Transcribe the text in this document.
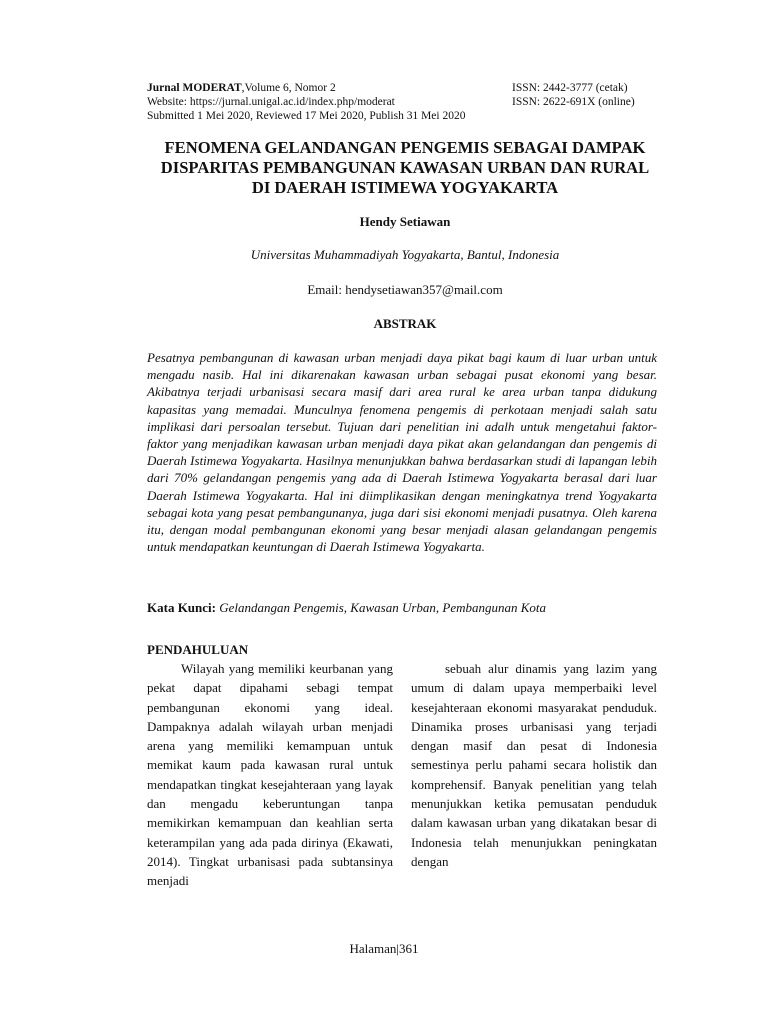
Jurnal MODERAT,Volume 6, Nomor 2	ISSN: 2442-3777 (cetak)
Website: https://jurnal.unigal.ac.id/index.php/moderat	ISSN: 2622-691X (online)
Submitted 1 Mei 2020, Reviewed 17 Mei 2020, Publish 31 Mei 2020
FENOMENA GELANDANGAN PENGEMIS SEBAGAI DAMPAK DISPARITAS PEMBANGUNAN KAWASAN URBAN DAN RURAL DI DAERAH ISTIMEWA YOGYAKARTA
Hendy Setiawan
Universitas Muhammadiyah Yogyakarta, Bantul, Indonesia
Email: hendysetiawan357@mail.com
ABSTRAK
Pesatnya pembangunan di kawasan urban menjadi daya pikat bagi kaum di luar urban untuk mengadu nasib. Hal ini dikarenakan kawasan urban sebagai pusat ekonomi yang besar. Akibatnya terjadi urbanisasi secara masif dari area rural ke area urban tanpa didukung kapasitas yang memadai. Munculnya fenomena pengemis di perkotaan menjadi salah satu implikasi dari persoalan tersebut. Tujuan dari penelitian ini adalh untuk mengetahui faktor-faktor yang menjadikan kawasan urban menjadi daya pikat akan gelandangan dan pengemis di Daerah Istimewa Yogyakarta. Hasilnya menunjukkan bahwa berdasarkan studi di lapangan lebih dari 70% gelandangan pengemis yang ada di Daerah Istimewa Yogyakarta berasal dari luar Daerah Istimewa Yogyakarta. Hal ini diimplikasikan dengan meningkatnya trend Yogyakarta sebagai kota yang pesat pembangunanya, juga dari sisi ekonomi menjadi pusatnya. Oleh karena itu, dengan modal pembangunan ekonomi yang besar menjadi alasan gelandangan pengemis untuk mendapatkan keuntungan di Daerah Istimewa Yogyakarta.
Kata Kunci: Gelandangan Pengemis, Kawasan Urban, Pembangunan Kota
PENDAHULUAN

Wilayah yang memiliki keurbanan yang pekat dapat dipahami sebagi tempat pembangunan ekonomi yang ideal. Dampaknya adalah wilayah urban menjadi arena yang memiliki kemampuan untuk memikat kaum pada kawasan rural untuk mendapatkan tingkat kesejahteraan yang layak dan mengadu keberuntungan tanpa memikirkan kemampuan dan keahlian serta keterampilan yang ada pada dirinya (Ekawati, 2014). Tingkat urbanisasi pada subtansinya menjadi

sebuah alur dinamis yang lazim yang umum di dalam upaya memperbaiki level kesejahteraan ekonomi masyarakat penduduk. Dinamika proses urbanisasi yang terjadi dengan masif dan pesat di Indonesia semestinya perlu pahami secara holistik dan komprehensif. Banyak penelitian yang telah menunjukkan ketika pemusatan penduduk dalam kawasan urban yang dikatakan besar di Indonesia telah menunjukkan peningkatan dengan

Halaman|361
